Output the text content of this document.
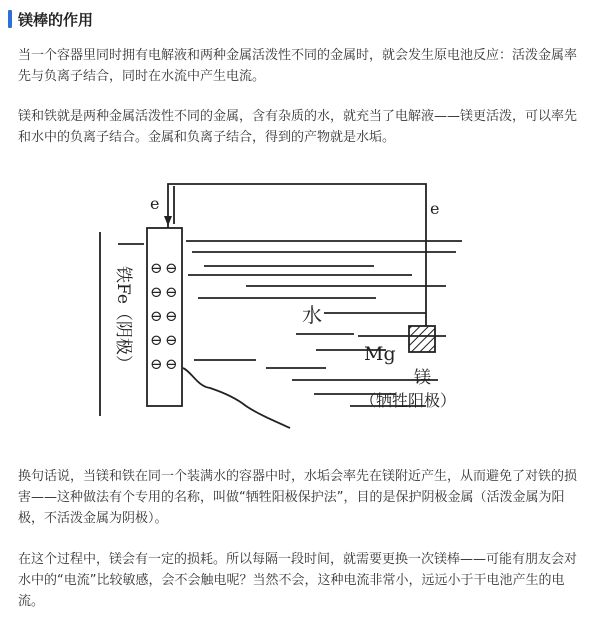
镁棒的作用

当一个容器里同时拥有电解液和两种金属活泼性不同的金属时，就会发生原电池反应：活泼金属率先与负离子结合，同时在水流中产生电流。

镁和铁就是两种金属活泼性不同的金属，含有杂质的水，就充当了电解液——镁更活泼，可以率先和水中的负离子结合。金属和负离子结合，得到的产物就是水垢。

⊖ ⊖
⊖ ⊖
⊖ ⊖
⊖ ⊖
⊖ ⊖
e	e
水
Mg
镁
（牺牲阳极）
铁Fe（阴极）

换句话说，当镁和铁在同一个装满水的容器中时，水垢会率先在镁附近产生，从而避免了对铁的损害——这种做法有个专用的名称，叫做“牺牲阳极保护法”，目的是保护阴极金属（活泼金属为阳极，不活泼金属为阴极）。

在这个过程中，镁会有一定的损耗。所以每隔一段时间，就需要更换一次镁棒——可能有朋友会对水中的“电流”比较敏感，会不会触电呢？当然不会，这种电流非常小，远远小于干电池产生的电流。
